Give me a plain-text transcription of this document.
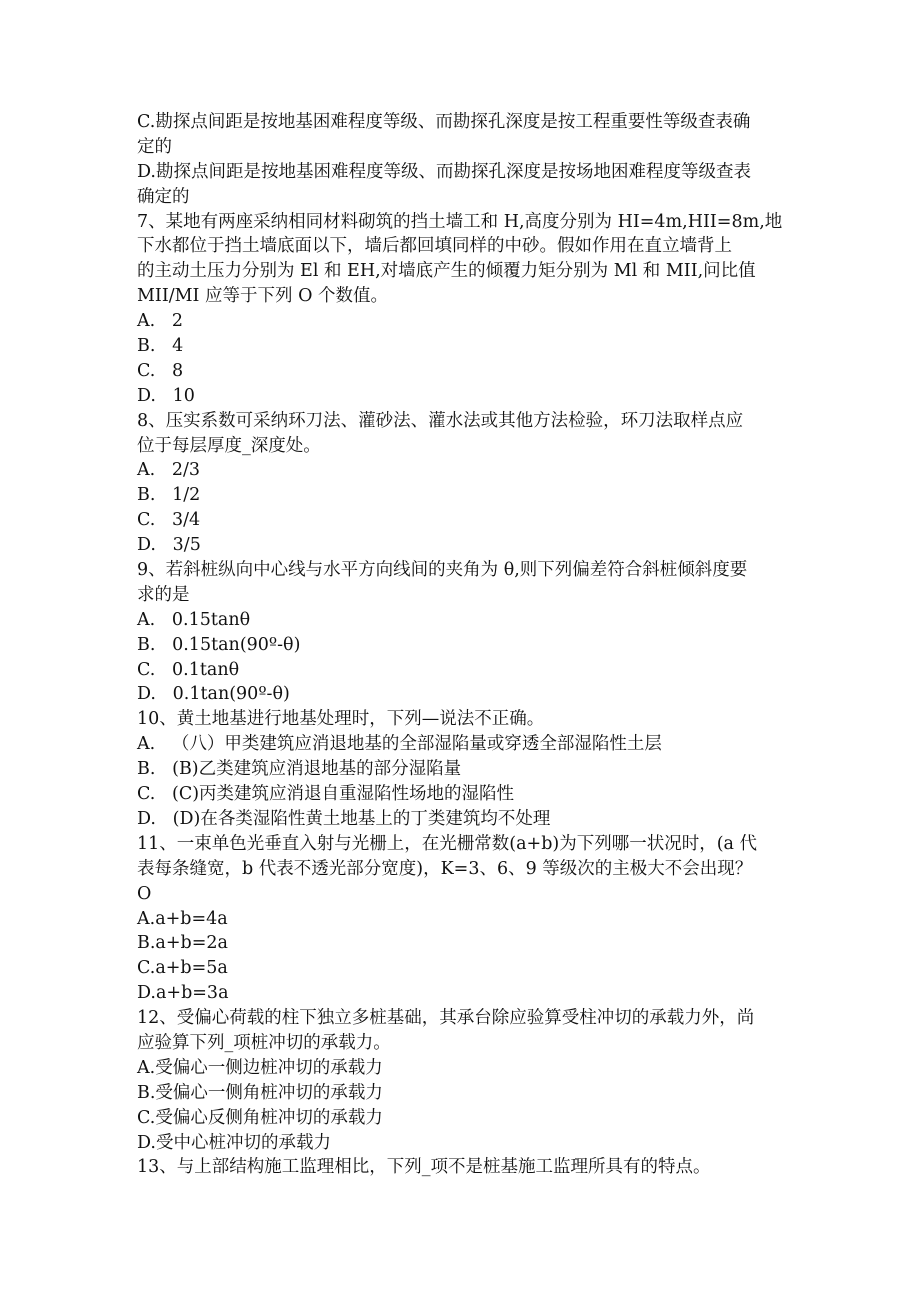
C.勘探点间距是按地基困难程度等级、而勘探孔深度是按工程重要性等级查表确
定的
D.勘探点间距是按地基困难程度等级、而勘探孔深度是按场地困难程度等级查表
确定的
7、某地有两座采纳相同材料砌筑的挡土墙工和 H,高度分别为 HI=4m,HII=8m,地
下水都位于挡土墙底面以下，墙后都回填同样的中砂。假如作用在直立墙背上
的主动土压力分别为 El 和 EH,对墙底产生的倾覆力矩分别为 Ml 和 MII,问比值
MII/MI 应等于下列 O 个数值。
A.   2
B.   4
C.   8
D.   10
8、压实系数可采纳环刀法、灌砂法、灌水法或其他方法检验，环刀法取样点应
位于每层厚度_深度处。
A.   2/3
B.   1/2
C.   3/4
D.   3/5
9、若斜桩纵向中心线与水平方向线间的夹角为 θ,则下列偏差符合斜桩倾斜度要
求的是
A.   0.15tanθ
B.   0.15tan(90º-θ)
C.   0.1tanθ
D.   0.1tan(90º-θ)
10、黄土地基进行地基处理时，下列—说法不正确。
A.   （八）甲类建筑应消退地基的全部湿陷量或穿透全部湿陷性土层
B.   (B)乙类建筑应消退地基的部分湿陷量
C.   (C)丙类建筑应消退自重湿陷性场地的湿陷性
D.   (D)在各类湿陷性黄土地基上的丁类建筑均不处理
11、一束单色光垂直入射与光栅上，在光栅常数(a+b)为下列哪一状况时，(a 代
表每条缝宽，b 代表不透光部分宽度)，K=3、6、9 等级次的主极大不会出现？
O
A.a+b=4a
B.a+b=2a
C.a+b=5a
D.a+b=3a
12、受偏心荷载的柱下独立多桩基础，其承台除应验算受柱冲切的承载力外，尚
应验算下列_项桩冲切的承载力。
A.受偏心一侧边桩冲切的承载力
B.受偏心一侧角桩冲切的承载力
C.受偏心反侧角桩冲切的承载力
D.受中心桩冲切的承载力
13、与上部结构施工监理相比，下列_项不是桩基施工监理所具有的特点。
